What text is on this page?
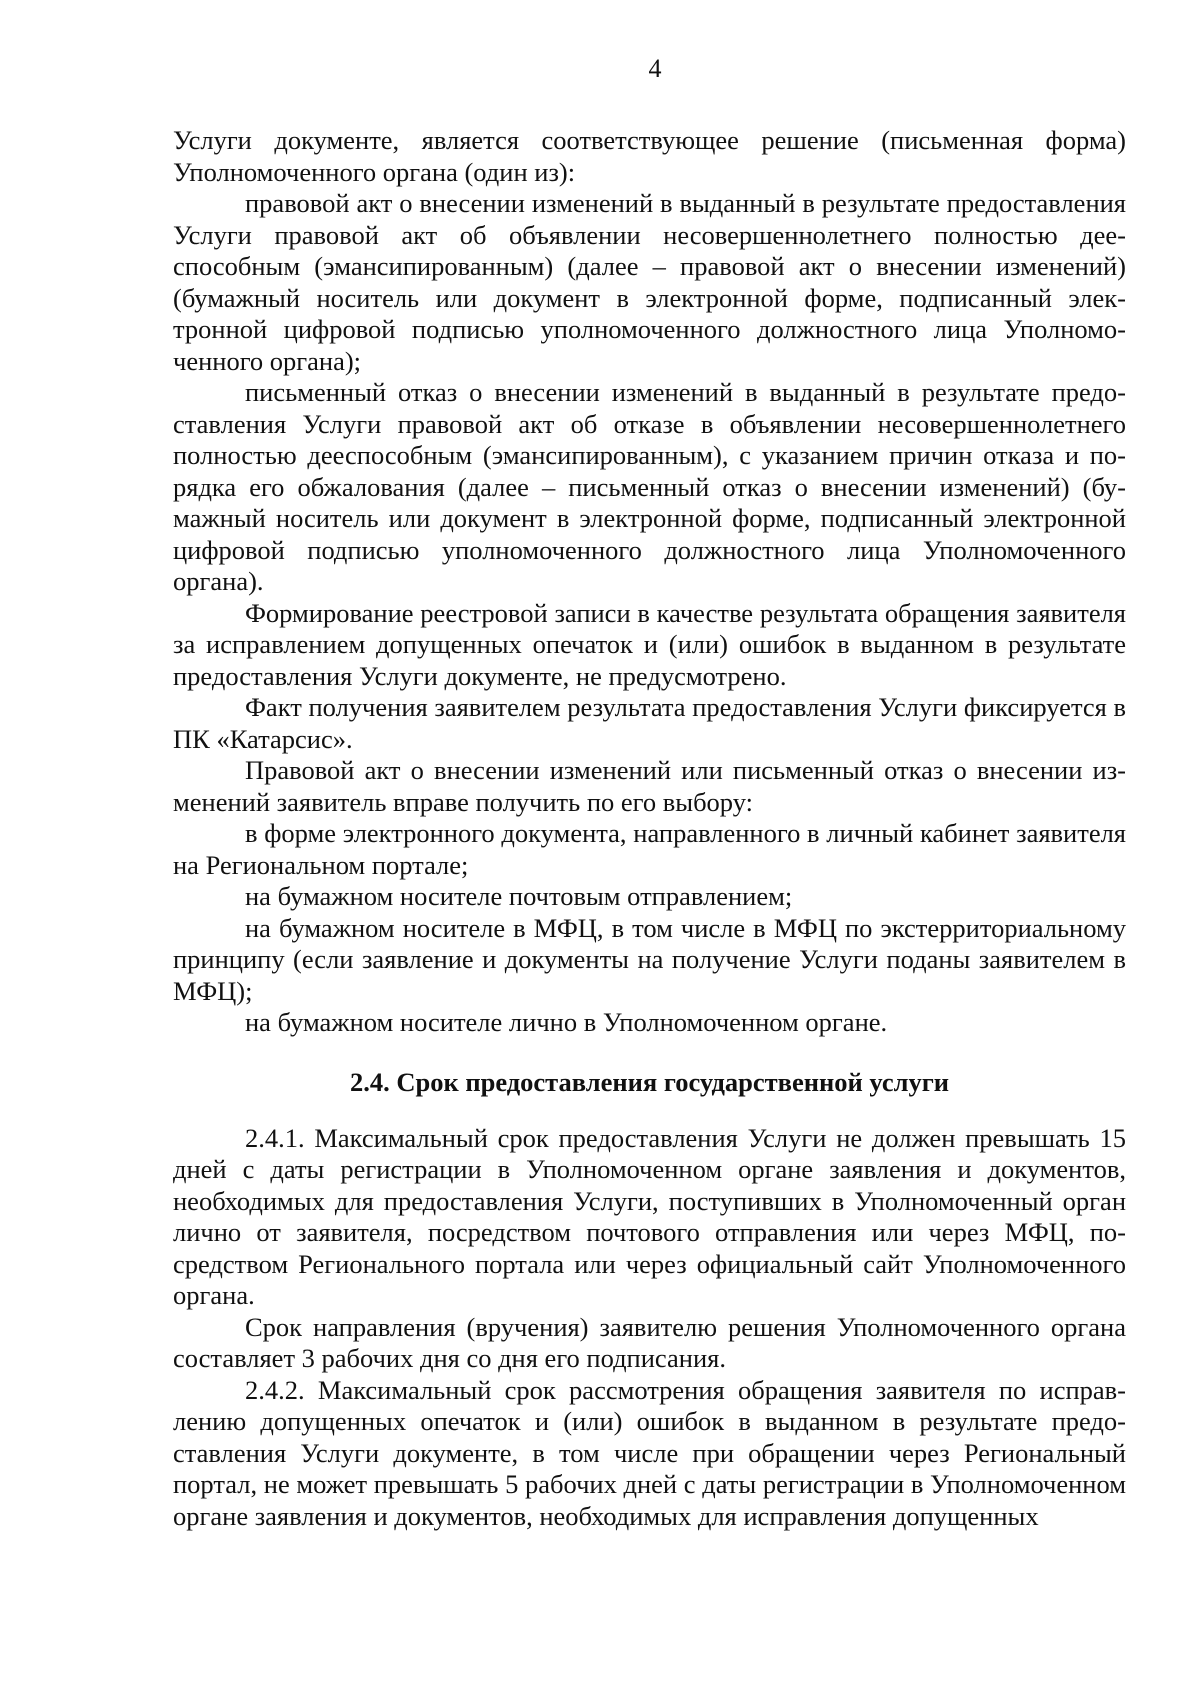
4

Услуги документе, является соответствующее решение (письменная форма) Уполномоченного органа (один из):

правовой акт о внесении изменений в выданный в результате предоставления Услуги правовой акт об объявлении несовершеннолетнего полностью дееспособным (эмансипированным) (далее – правовой акт о внесении изменений) (бумажный носитель или документ в электронной форме, подписанный электронной цифровой подписью уполномоченного должностного лица Уполномоченного органа);

письменный отказ о внесении изменений в выданный в результате предоставления Услуги правовой акт об отказе в объявлении несовершеннолетнего полностью дееспособным (эмансипированным), с указанием причин отказа и порядка его обжалования (далее – письменный отказ о внесении изменений) (бумажный носитель или документ в электронной форме, подписанный электронной цифровой подписью уполномоченного должностного лица Уполномоченного органа).

Формирование реестровой записи в качестве результата обращения заявителя за исправлением допущенных опечаток и (или) ошибок в выданном в результате предоставления Услуги документе, не предусмотрено.

Факт получения заявителем результата предоставления Услуги фиксируется в ПК «Катарсис».

Правовой акт о внесении изменений или письменный отказ о внесении изменений заявитель вправе получить по его выбору:

в форме электронного документа, направленного в личный кабинет заявителя на Региональном портале;

на бумажном носителе почтовым отправлением;

на бумажном носителе в МФЦ, в том числе в МФЦ по экстерриториальному принципу (если заявление и документы на получение Услуги поданы заявителем в МФЦ);

на бумажном носителе лично в Уполномоченном органе.

2.4. Срок предоставления государственной услуги

2.4.1. Максимальный срок предоставления Услуги не должен превышать 15 дней с даты регистрации в Уполномоченном органе заявления и документов, необходимых для предоставления Услуги, поступивших в Уполномоченный орган лично от заявителя, посредством почтового отправления или через МФЦ, посредством Регионального портала или через официальный сайт Уполномоченного органа.

Срок направления (вручения) заявителю решения Уполномоченного органа составляет 3 рабочих дня со дня его подписания.

2.4.2. Максимальный срок рассмотрения обращения заявителя по исправлению допущенных опечаток и (или) ошибок в выданном в результате предоставления Услуги документе, в том числе при обращении через Региональный портал, не может превышать 5 рабочих дней с даты регистрации в Уполномоченном органе заявления и документов, необходимых для исправления допущенных
